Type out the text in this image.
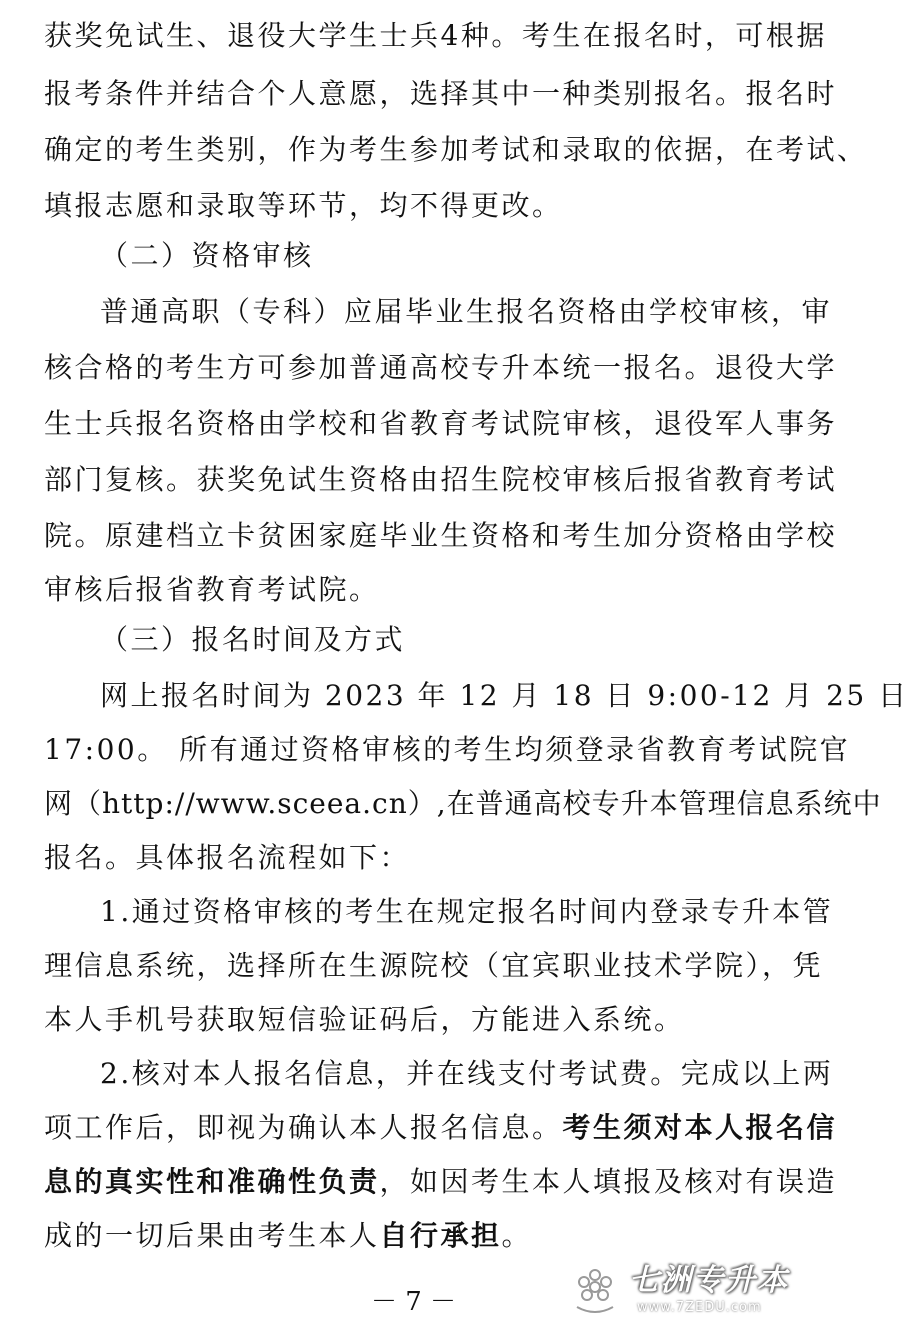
获奖免试生、退役大学生士兵4种。考生在报名时，可根据
报考条件并结合个人意愿，选择其中一种类别报名。报名时
确定的考生类别，作为考生参加考试和录取的依据，在考试、
填报志愿和录取等环节，均不得更改。
（二）资格审核
普通高职（专科）应届毕业生报名资格由学校审核，审
核合格的考生方可参加普通高校专升本统一报名。退役大学
生士兵报名资格由学校和省教育考试院审核，退役军人事务
部门复核。获奖免试生资格由招生院校审核后报省教育考试
院。原建档立卡贫困家庭毕业生资格和考生加分资格由学校
审核后报省教育考试院。
（三）报名时间及方式
网上报名时间为 2023 年 12 月 18 日 9:00-12 月 25 日
17:00。 所有通过资格审核的考生均须登录省教育考试院官
网（http://www.sceea.cn）,在普通高校专升本管理信息系统中
报名。具体报名流程如下：
1.通过资格审核的考生在规定报名时间内登录专升本管
理信息系统，选择所在生源院校（宜宾职业技术学院），凭
本人手机号获取短信验证码后，方能进入系统。
2.核对本人报名信息，并在线支付考试费。完成以上两
项工作后，即视为确认本人报名信息。考生须对本人报名信
息的真实性和准确性负责，如因考生本人填报及核对有误造
成的一切后果由考生本人自行承担。
－ 7 －
七洲专升本
www.7ZEDU.com
